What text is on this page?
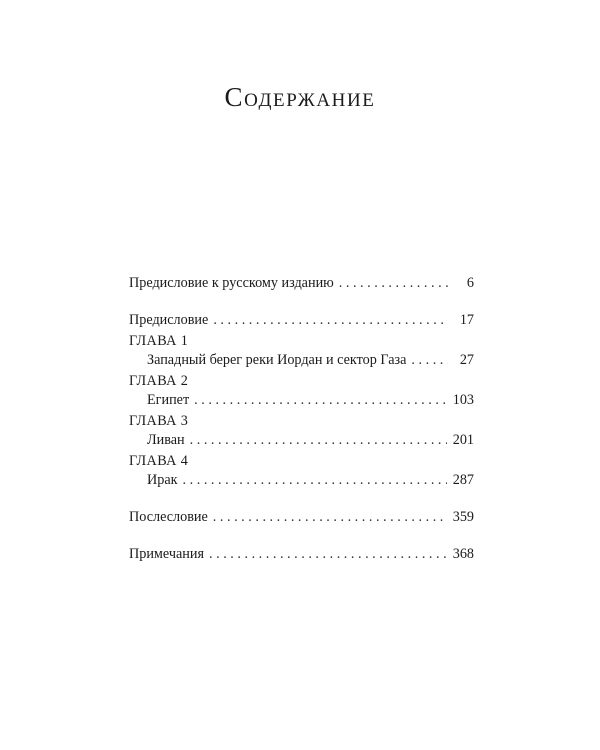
Содержание
Предисловие к русскому изданию . . .	6
Предисловие . . .	17
ГЛАВА 1
Западный берег реки Иордан и сектор Газа . . .	27
ГЛАВА 2
Египет . . .	103
ГЛАВА 3
Ливан . . .	201
ГЛАВА 4
Ирак . . .	287
Послесловие . . .	359
Примечания . . .	368
